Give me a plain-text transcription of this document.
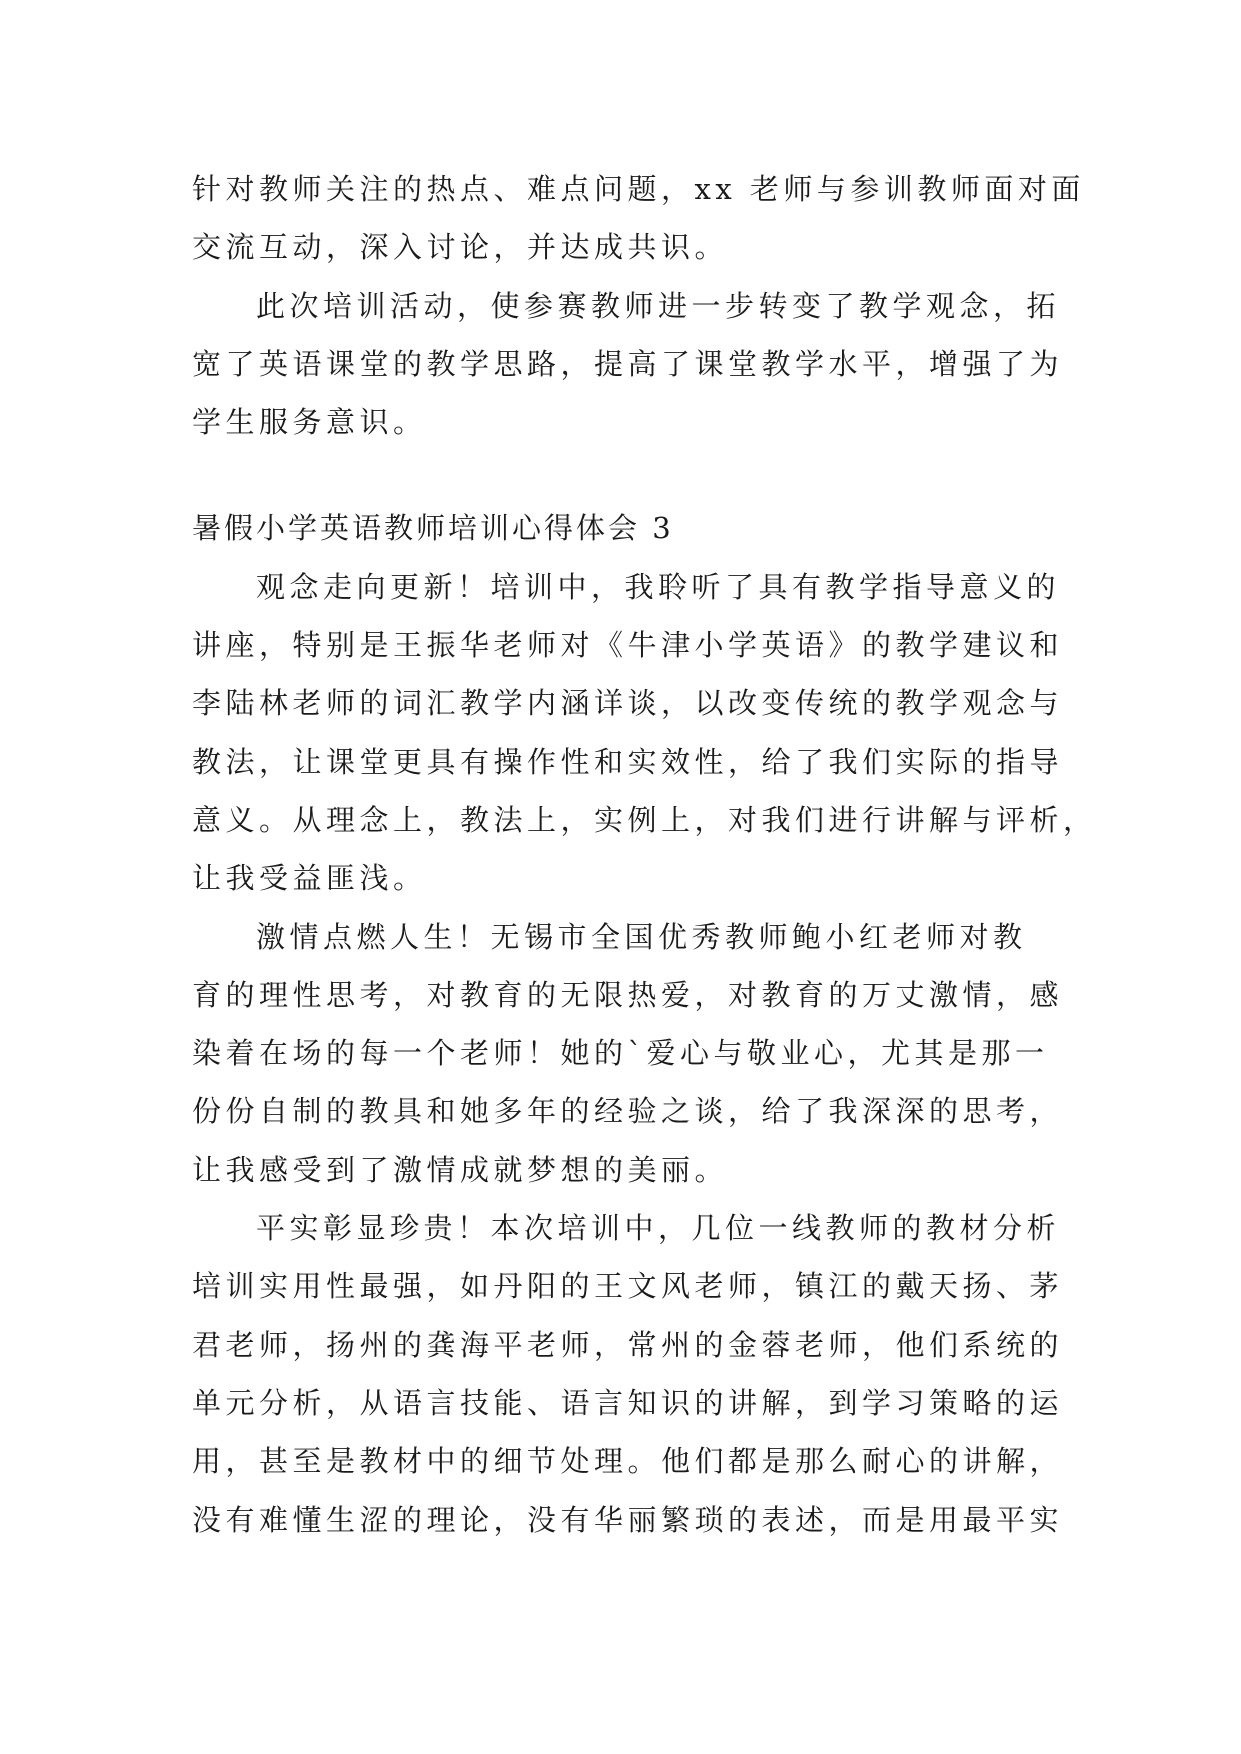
针对教师关注的热点、难点问题，xx 老师与参训教师面对面
交流互动，深入讨论，并达成共识。
此次培训活动，使参赛教师进一步转变了教学观念，拓
宽了英语课堂的教学思路，提高了课堂教学水平，增强了为
学生服务意识。
暑假小学英语教师培训心得体会 3
观念走向更新！培训中，我聆听了具有教学指导意义的
讲座，特别是王振华老师对《牛津小学英语》的教学建议和
李陆林老师的词汇教学内涵详谈，以改变传统的教学观念与
教法，让课堂更具有操作性和实效性，给了我们实际的指导
意义。从理念上，教法上，实例上，对我们进行讲解与评析，
让我受益匪浅。
激情点燃人生！无锡市全国优秀教师鲍小红老师对教
育的理性思考，对教育的无限热爱，对教育的万丈激情，感
染着在场的每一个老师！她的`爱心与敬业心，尤其是那一
份份自制的教具和她多年的经验之谈，给了我深深的思考，
让我感受到了激情成就梦想的美丽。
平实彰显珍贵！本次培训中，几位一线教师的教材分析
培训实用性最强，如丹阳的王文风老师，镇江的戴天扬、茅
君老师，扬州的龚海平老师，常州的金蓉老师，他们系统的
单元分析，从语言技能、语言知识的讲解，到学习策略的运
用，甚至是教材中的细节处理。他们都是那么耐心的讲解，
没有难懂生涩的理论，没有华丽繁琐的表述，而是用最平实
